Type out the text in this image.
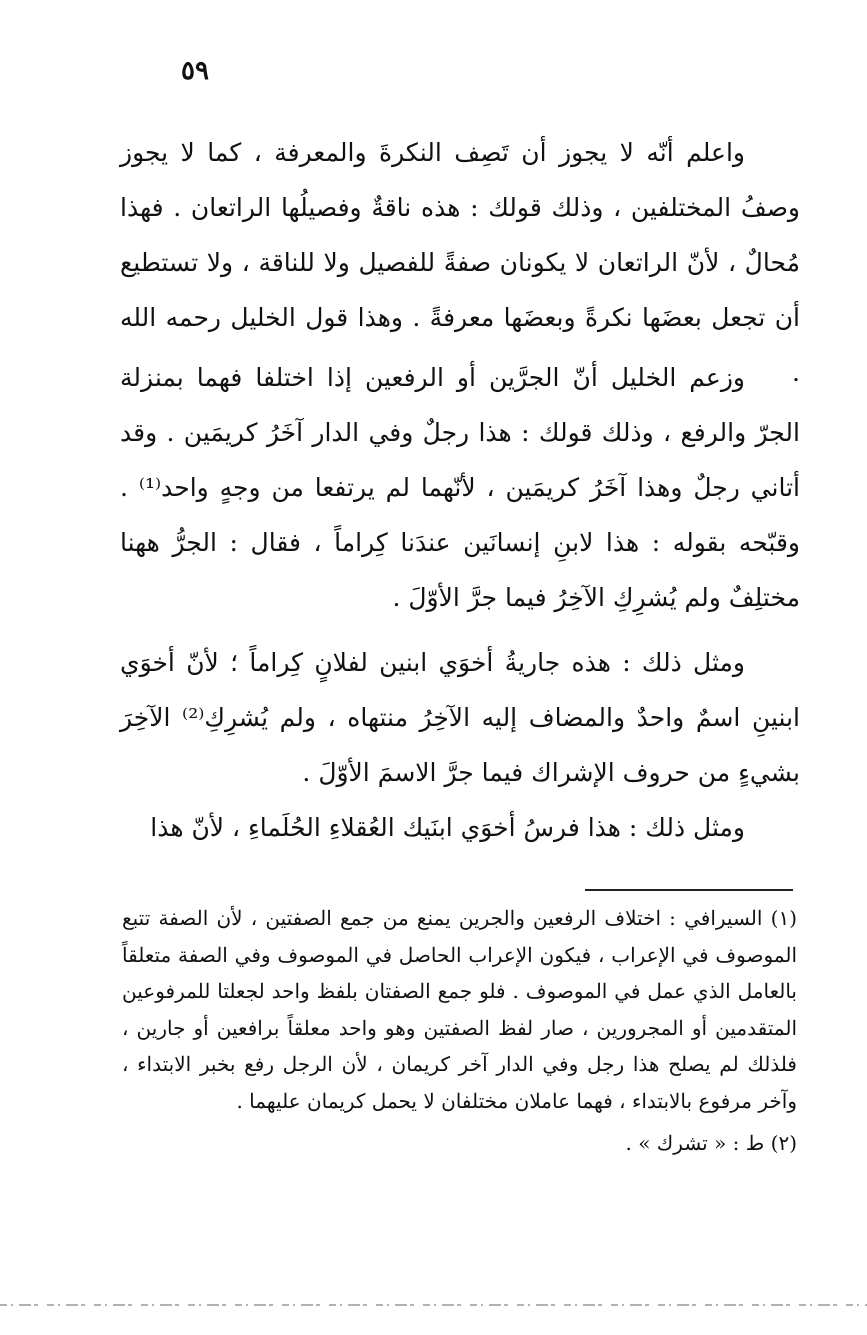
٥٩

واعلم أنّه لا يجوز أن تَصِف النكرةَ والمعرفة ، كما لا يجوز وصفُ المختلفين ، وذلك قولك : هذه ناقةٌ وفصيلُها الراتعان . فهذا مُحالٌ ، لأنّ الراتعان لا يكونان صفةً للفصيل ولا للناقة ، ولا تستطيع أن تجعل بعضَها نكرةً وبعضَها معرفةً . وهذا قول الخليل رحمه الله .

وزعم الخليل أنّ الجرَّين أو الرفعين إذا اختلفا فهما بمنزلة الجرّ والرفع ، وذلك قولك : هذا رجلٌ وفي الدار آخَرُ كريمَين . وقد أتاني رجلٌ وهذا آخَرُ كريمَين ، لأنّهما لم يرتفعا من وجهٍ واحد⁽¹⁾ . وقبّحه بقوله : هذا لابنِ إنسانَين عندَنا كِراماً ، فقال : الجرُّ ههنا مختلِفٌ ولم يُشرِكِ الآخِرُ فيما جرَّ الأوّلَ .

ومثل ذلك : هذه جاريةُ أخوَي ابنين لفلانٍ كِراماً ؛ لأنّ أخوَي ابنينِ اسمٌ واحدٌ والمضاف إليه الآخِرُ منتهاه ، ولم يُشرِكِ⁽²⁾ الآخِرَ بشيءٍ من حروف الإشراك فيما جرَّ الاسمَ الأوّلَ .

ومثل ذلك : هذا فرسُ أخوَي ابنَيك العُقلاءِ الحُلَماءِ ، لأنّ هذا

(١) السيرافي : اختلاف الرفعين والجرين يمنع من جمع الصفتين ، لأن الصفة تتبع الموصوف في الإعراب ، فيكون الإعراب الحاصل في الموصوف وفي الصفة متعلقاً بالعامل الذي عمل في الموصوف . فلو جمع الصفتان بلفظ واحد لجعلتا للمرفوعين المتقدمين أو المجرورين ، صار لفظ الصفتين وهو واحد معلقاً برافعين أو جارين ، فلذلك لم يصلح هذا رجل وفي الدار آخر كريمان ، لأن الرجل رفع بخبر الابتداء ، وآخر مرفوع بالابتداء ، فهما عاملان مختلفان لا يحمل كريمان عليهما .

(٢) ط : « تشرك » .
